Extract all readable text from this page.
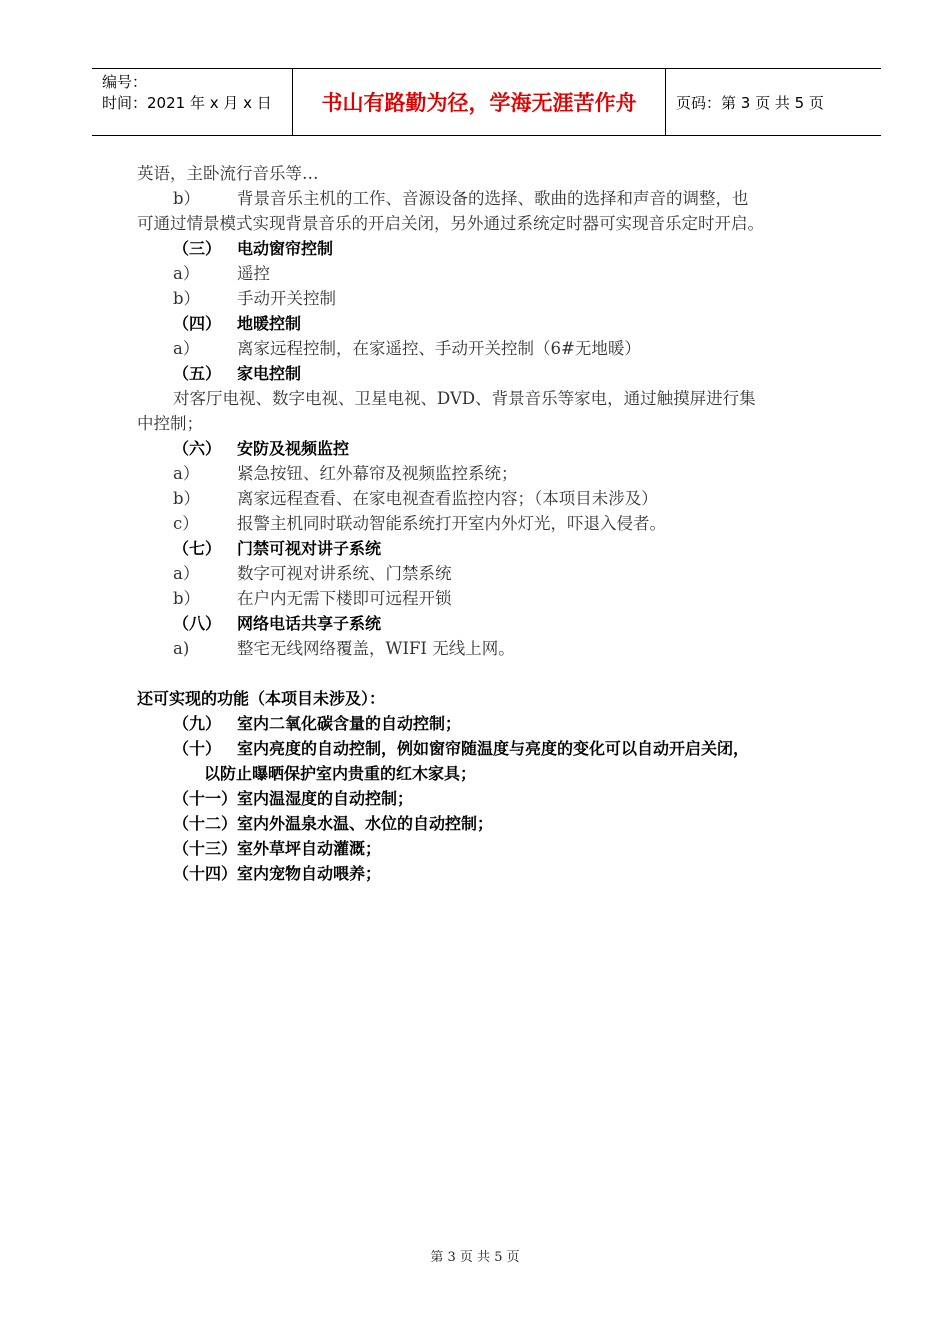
编号：
时间：2021 年 x 月 x 日	书山有路勤为径，学海无涯苦作舟	页码：第 3 页 共 5 页
英语，主卧流行音乐等…
b） 背景音乐主机的工作、音源设备的选择、歌曲的选择和声音的调整，也
可通过情景模式实现背景音乐的开启关闭，另外通过系统定时器可实现音乐定时开启。
（三） 电动窗帘控制
a） 遥控
b） 手动开关控制
（四） 地暖控制
a） 离家远程控制，在家遥控、手动开关控制（6#无地暖）
（五） 家电控制
对客厅电视、数字电视、卫星电视、DVD、背景音乐等家电，通过触摸屏进行集
中控制；
（六） 安防及视频监控
a） 紧急按钮、红外幕帘及视频监控系统；
b） 离家远程查看、在家电视查看监控内容；（本项目未涉及）
c） 报警主机同时联动智能系统打开室内外灯光，吓退入侵者。
（七） 门禁可视对讲子系统
a） 数字可视对讲系统、门禁系统
b） 在户内无需下楼即可远程开锁
（八） 网络电话共享子系统
a)	整宅无线网络覆盖，WIFI 无线上网。
还可实现的功能（本项目未涉及）：
（九） 室内二氧化碳含量的自动控制；
（十） 室内亮度的自动控制，例如窗帘随温度与亮度的变化可以自动开启关闭，
以防止曝晒保护室内贵重的红木家具；
（十一）室内温湿度的自动控制；
（十二）室内外温泉水温、水位的自动控制；
（十三）室外草坪自动灌溉；
（十四）室内宠物自动喂养；
第 3 页 共 5 页
